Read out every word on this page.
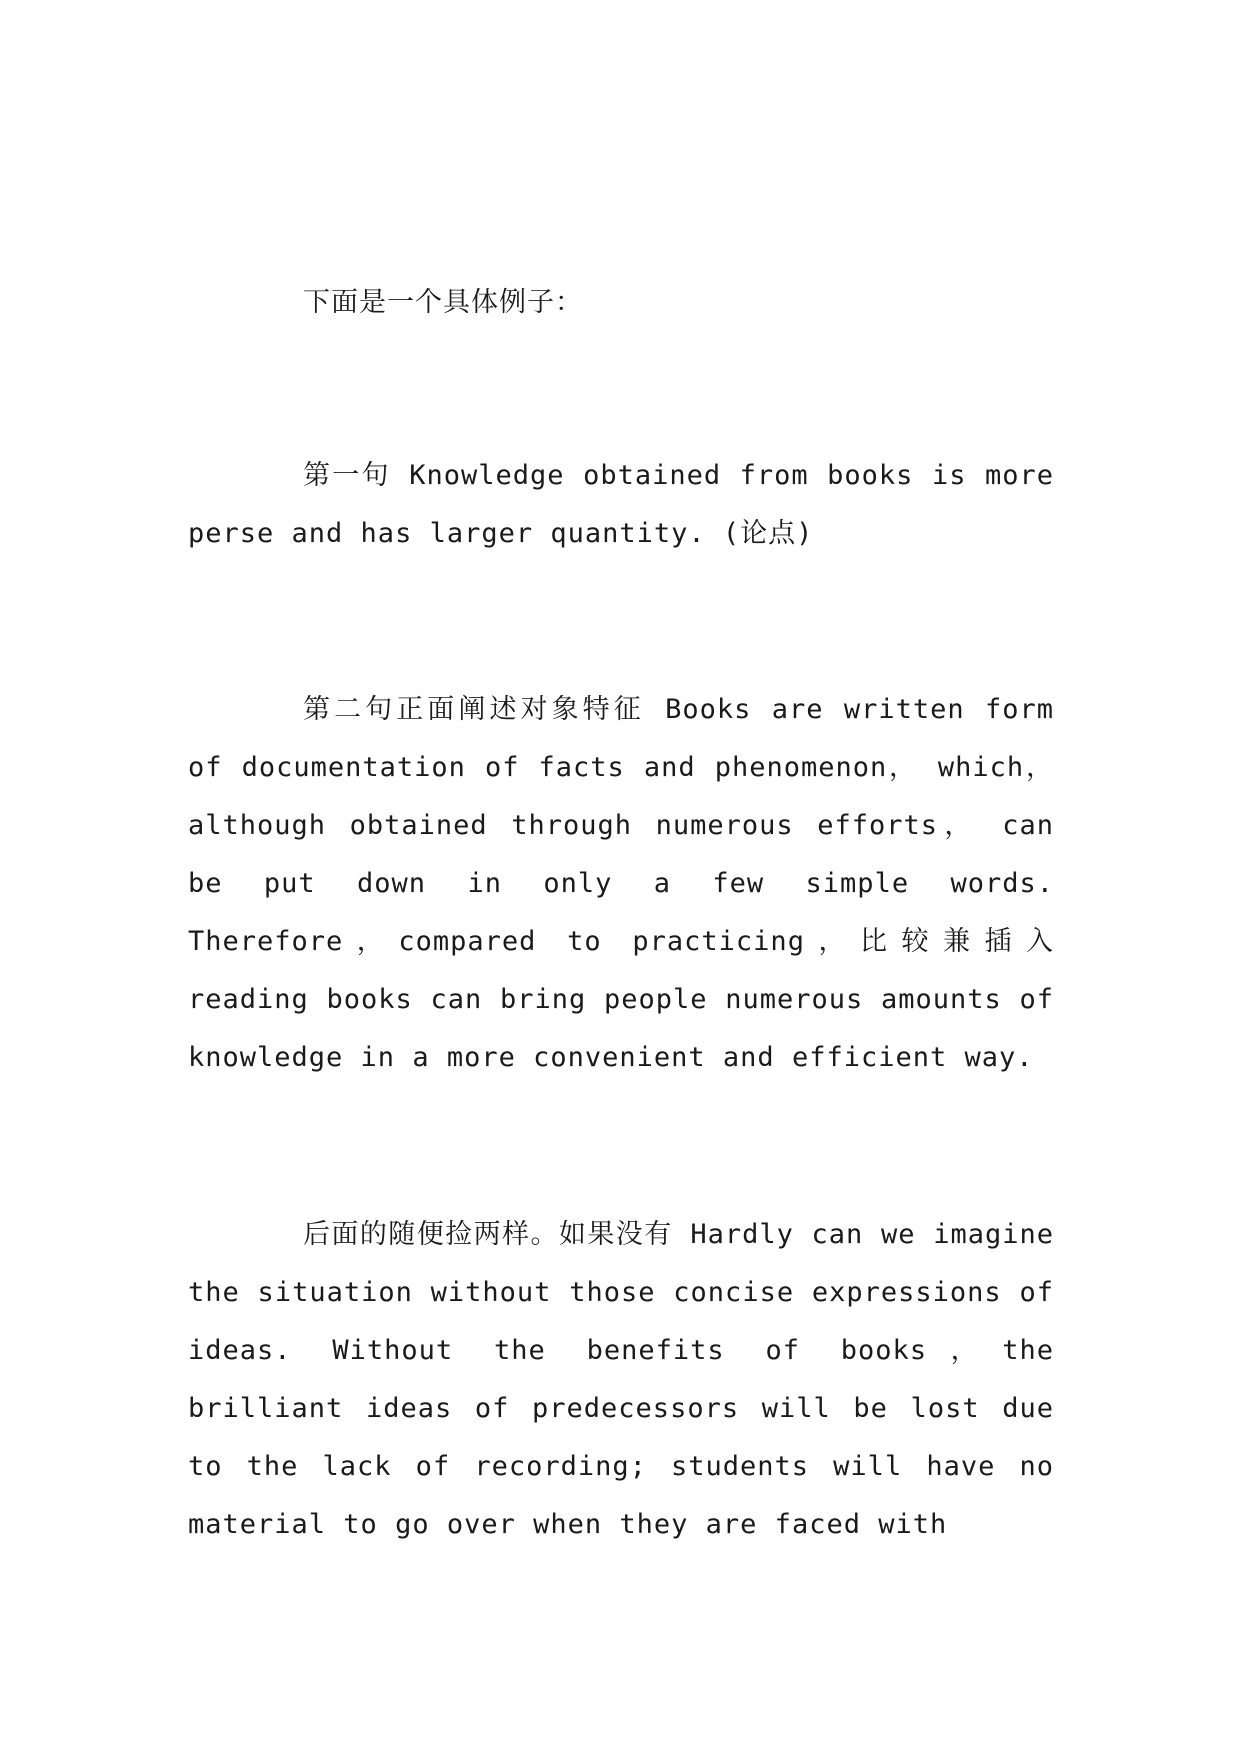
下面是一个具体例子：

第一句 Knowledge obtained from books is more perse and has larger quantity. (论点)

第二句正面阐述对象特征 Books are written form of documentation of facts and phenomenon， which，although obtained through numerous efforts， can be put down in only a few simple words. Therefore，compared to practicing，比较兼插入 reading books can bring people numerous amounts of knowledge in a more convenient and efficient way.

后面的随便捡两样。如果没有 Hardly can we imagine the situation without those concise expressions of ideas. Without the benefits of books，the brilliant ideas of predecessors will be lost due to the lack of recording; students will have no material to go over when they are faced with
